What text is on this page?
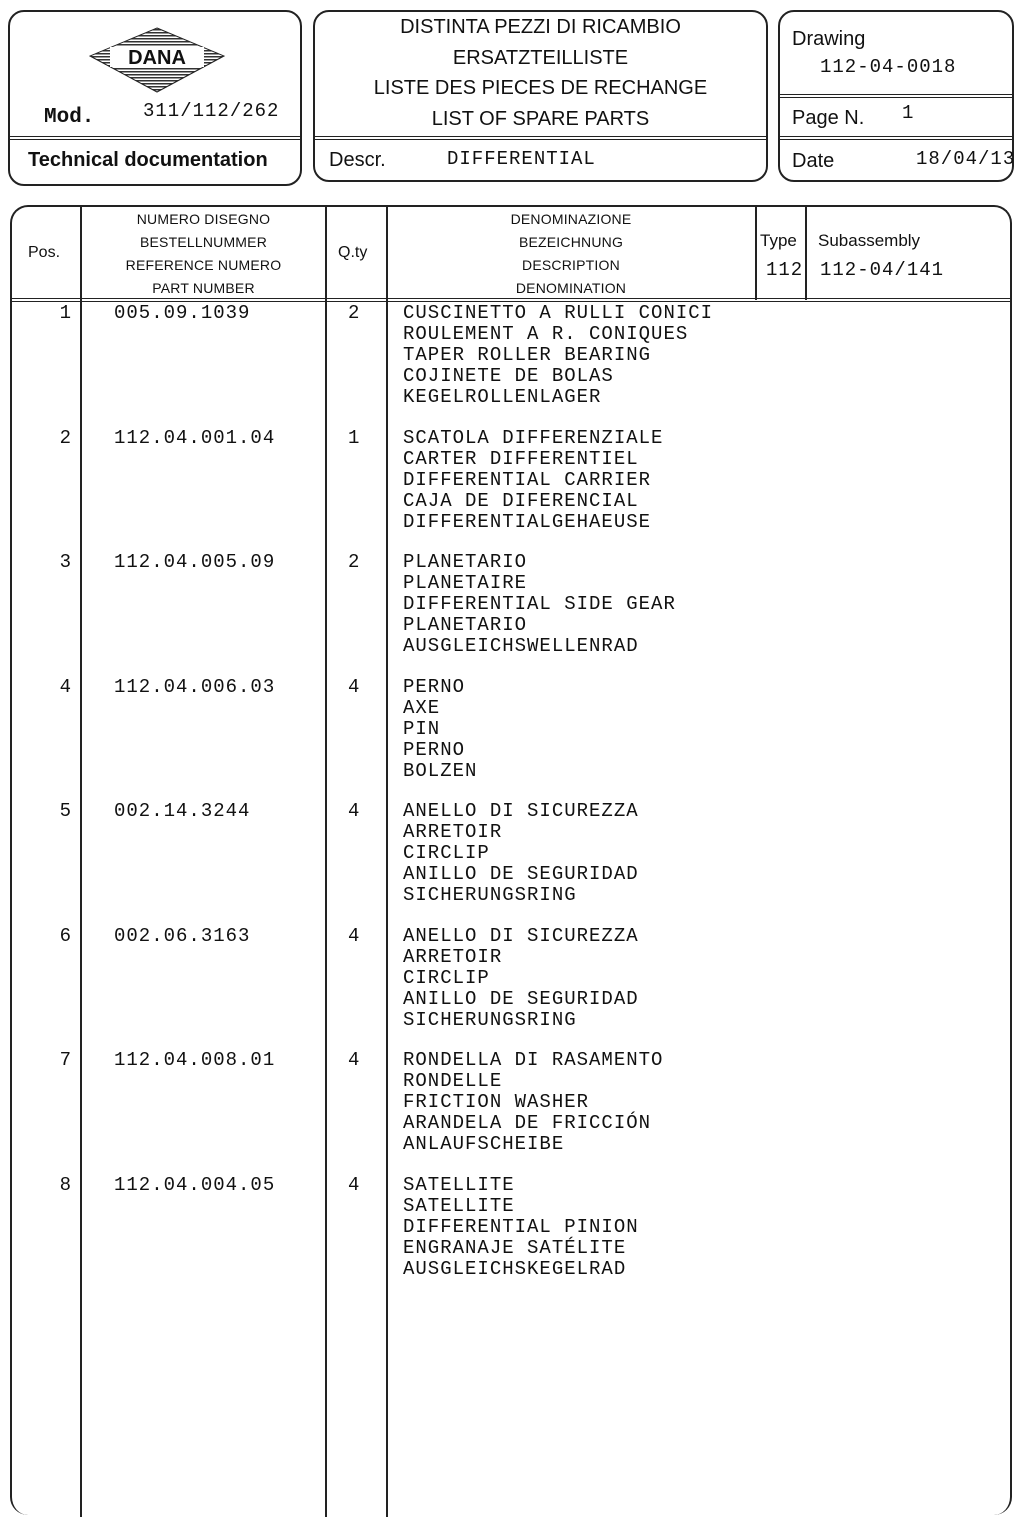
DANA
Mod.	311/112/262
Technical documentation
DISTINTA PEZZI DI RICAMBIO
ERSATZTEILLISTE
LISTE DES PIECES DE RECHANGE
LIST OF SPARE PARTS
Descr.	DIFFERENTIAL
Drawing
112-04-0018
Page N. 1
Date	18/04/13
Pos.
NUMERO DISEGNO
BESTELLNUMMER
REFERENCE NUMERO
PART NUMBER
Q.ty
DENOMINAZIONE
BEZEICHNUNG
DESCRIPTION
DENOMINATION
Type
112
Subassembly
112-04/141
1 005.09.1039	2 CUSCINETTO A RULLI CONICI
ROULEMENT A R. CONIQUES
TAPER ROLLER BEARING
COJINETE DE BOLAS
KEGELROLLENLAGER
2 112.04.001.04	1 SCATOLA DIFFERENZIALE
CARTER DIFFERENTIEL
DIFFERENTIAL CARRIER
CAJA DE DIFERENCIAL
DIFFERENTIALGEHAEUSE
3 112.04.005.09	2 PLANETARIO
PLANETAIRE
DIFFERENTIAL SIDE GEAR
PLANETARIO
AUSGLEICHSWELLENRAD
4 112.04.006.03	4 PERNO
AXE
PIN
PERNO
BOLZEN
5 002.14.3244	4 ANELLO DI SICUREZZA
ARRETOIR
CIRCLIP
ANILLO DE SEGURIDAD
SICHERUNGSRING
6 002.06.3163	4 ANELLO DI SICUREZZA
ARRETOIR
CIRCLIP
ANILLO DE SEGURIDAD
SICHERUNGSRING
7 112.04.008.01	4 RONDELLA DI RASAMENTO
RONDELLE
FRICTION WASHER
ARANDELA DE FRICCIÓN
ANLAUFSCHEIBE
8 112.04.004.05	4 SATELLITE
SATELLITE
DIFFERENTIAL PINION
ENGRANAJE SATÉLITE
AUSGLEICHSKEGELRAD
